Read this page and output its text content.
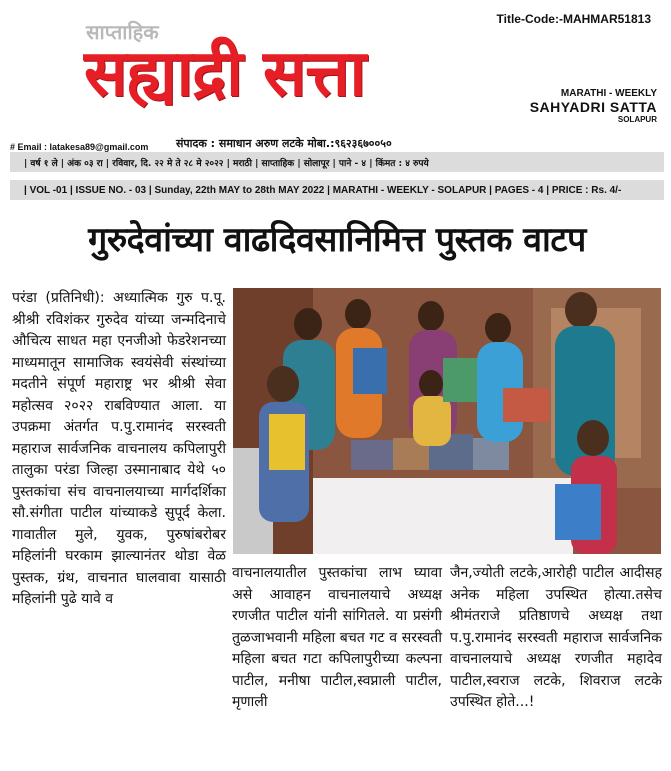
Title-Code:-MAHMAR51813
साप्ताहिक
सह्याद्री सत्ता	MARATHI - WEEKLY
SAHYADRI SATTA
SOLAPUR
# Email : latakesa89@gmail.com	संपादक : समाधान अरुण लटके मोबा.:९६२३६७००५०
| वर्ष १ ले | अंक ०३ रा | रविवार, दि. २२ मे ते २८ मे २०२२ | मराठी | साप्ताहिक | सोलापूर | पाने - ४ | किंमत : ४ रुपये
| VOL -01 | ISSUE NO. - 03 | Sunday, 22th MAY to 28th MAY 2022 | MARATHI - WEEKLY - SOLAPUR | PAGES - 4 | PRICE : Rs. 4/-
गुरुदेवांच्या वाढदिवसानिमित्त पुस्तक वाटप
परंडा (प्रतिनिधी): अध्यात्मिक गुरु प.पू. श्रीश्री रविशंकर गुरुदेव यांच्या जन्मदिनाचे औचित्य साधत महा एनजीओ फेडरेशनच्या माध्यमातून सामाजिक स्वयंसेवी संस्थांच्या मदतीने संपूर्ण महाराष्ट्र भर श्रीश्री सेवा महोत्सव २०२२ राबविण्यात आला. या उपक्रमा अंतर्गत प.पु.रामानंद सरस्वती महाराज सार्वजनिक वाचनालय कपिलापुरी तालुका परंडा जिल्हा उस्मानाबाद येथे ५० पुस्तकांचा संच वाचनालयाच्या मार्गदर्शिका सौ.संगीता पाटील यांच्याकडे सुपूर्द केला. गावातील मुले, युवक, पुरुषांबरोबर महिलांनी घरकाम झाल्यानंतर थोडा वेळ पुस्तक, ग्रंथ, वाचनात घालवावा यासाठी महिलांनी पुढे यावे व
वाचनालयातील पुस्तकांचा लाभ घ्यावा असे आवाहन वाचनालयाचे अध्यक्ष रणजीत पाटील यांनी सांगितले. या प्रसंगी तुळजाभवानी महिला बचत गट व सरस्वती महिला बचत गटा कपिलापुरीच्या कल्पना पाटील, मनीषा पाटील,स्वप्नाली पाटील, मृणाली
जैन,ज्योती लटके,आरोही पाटील आदीसह अनेक महिला उपस्थित होत्या.तसेच श्रीमंतराजे प्रतिष्ठाणचे अध्यक्ष तथा प.पु.रामानंद सरस्वती महाराज सार्वजनिक वाचनालयाचे अध्यक्ष रणजीत महादेव पाटील,स्वराज लटके, शिवराज लटके उपस्थित होते...!
